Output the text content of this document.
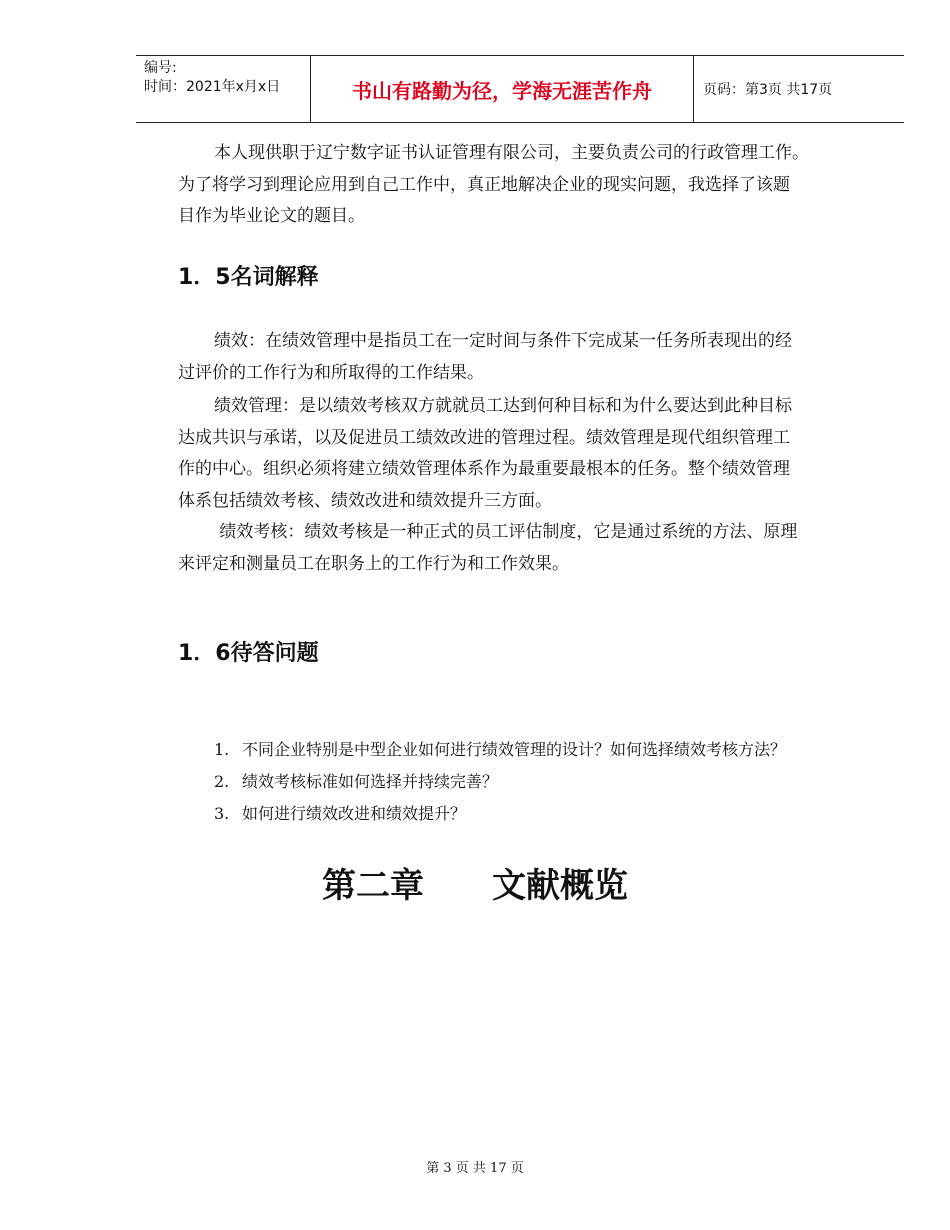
编号:
时间：2021年x月x日	书山有路勤为径，学海无涯苦作舟	页码：第3页 共17页
本人现供职于辽宁数字证书认证管理有限公司，主要负责公司的行政管理工作。
为了将学习到理论应用到自己工作中，真正地解决企业的现实问题，我选择了该题
目作为毕业论文的题目。
1．5名词解释
绩效：在绩效管理中是指员工在一定时间与条件下完成某一任务所表现出的经
过评价的工作行为和所取得的工作结果。
绩效管理：是以绩效考核双方就就员工达到何种目标和为什么要达到此种目标
达成共识与承诺，以及促进员工绩效改进的管理过程。绩效管理是现代组织管理工
作的中心。组织必须将建立绩效管理体系作为最重要最根本的任务。整个绩效管理
体系包括绩效考核、绩效改进和绩效提升三方面。
绩效考核：绩效考核是一种正式的员工评估制度，它是通过系统的方法、原理
来评定和测量员工在职务上的工作行为和工作效果。
1．6待答问题
1. 不同企业特别是中型企业如何进行绩效管理的设计？如何选择绩效考核方法？
2. 绩效考核标准如何选择并持续完善？
3. 如何进行绩效改进和绩效提升？
第二章 文献概览
第 3 页 共 17 页
